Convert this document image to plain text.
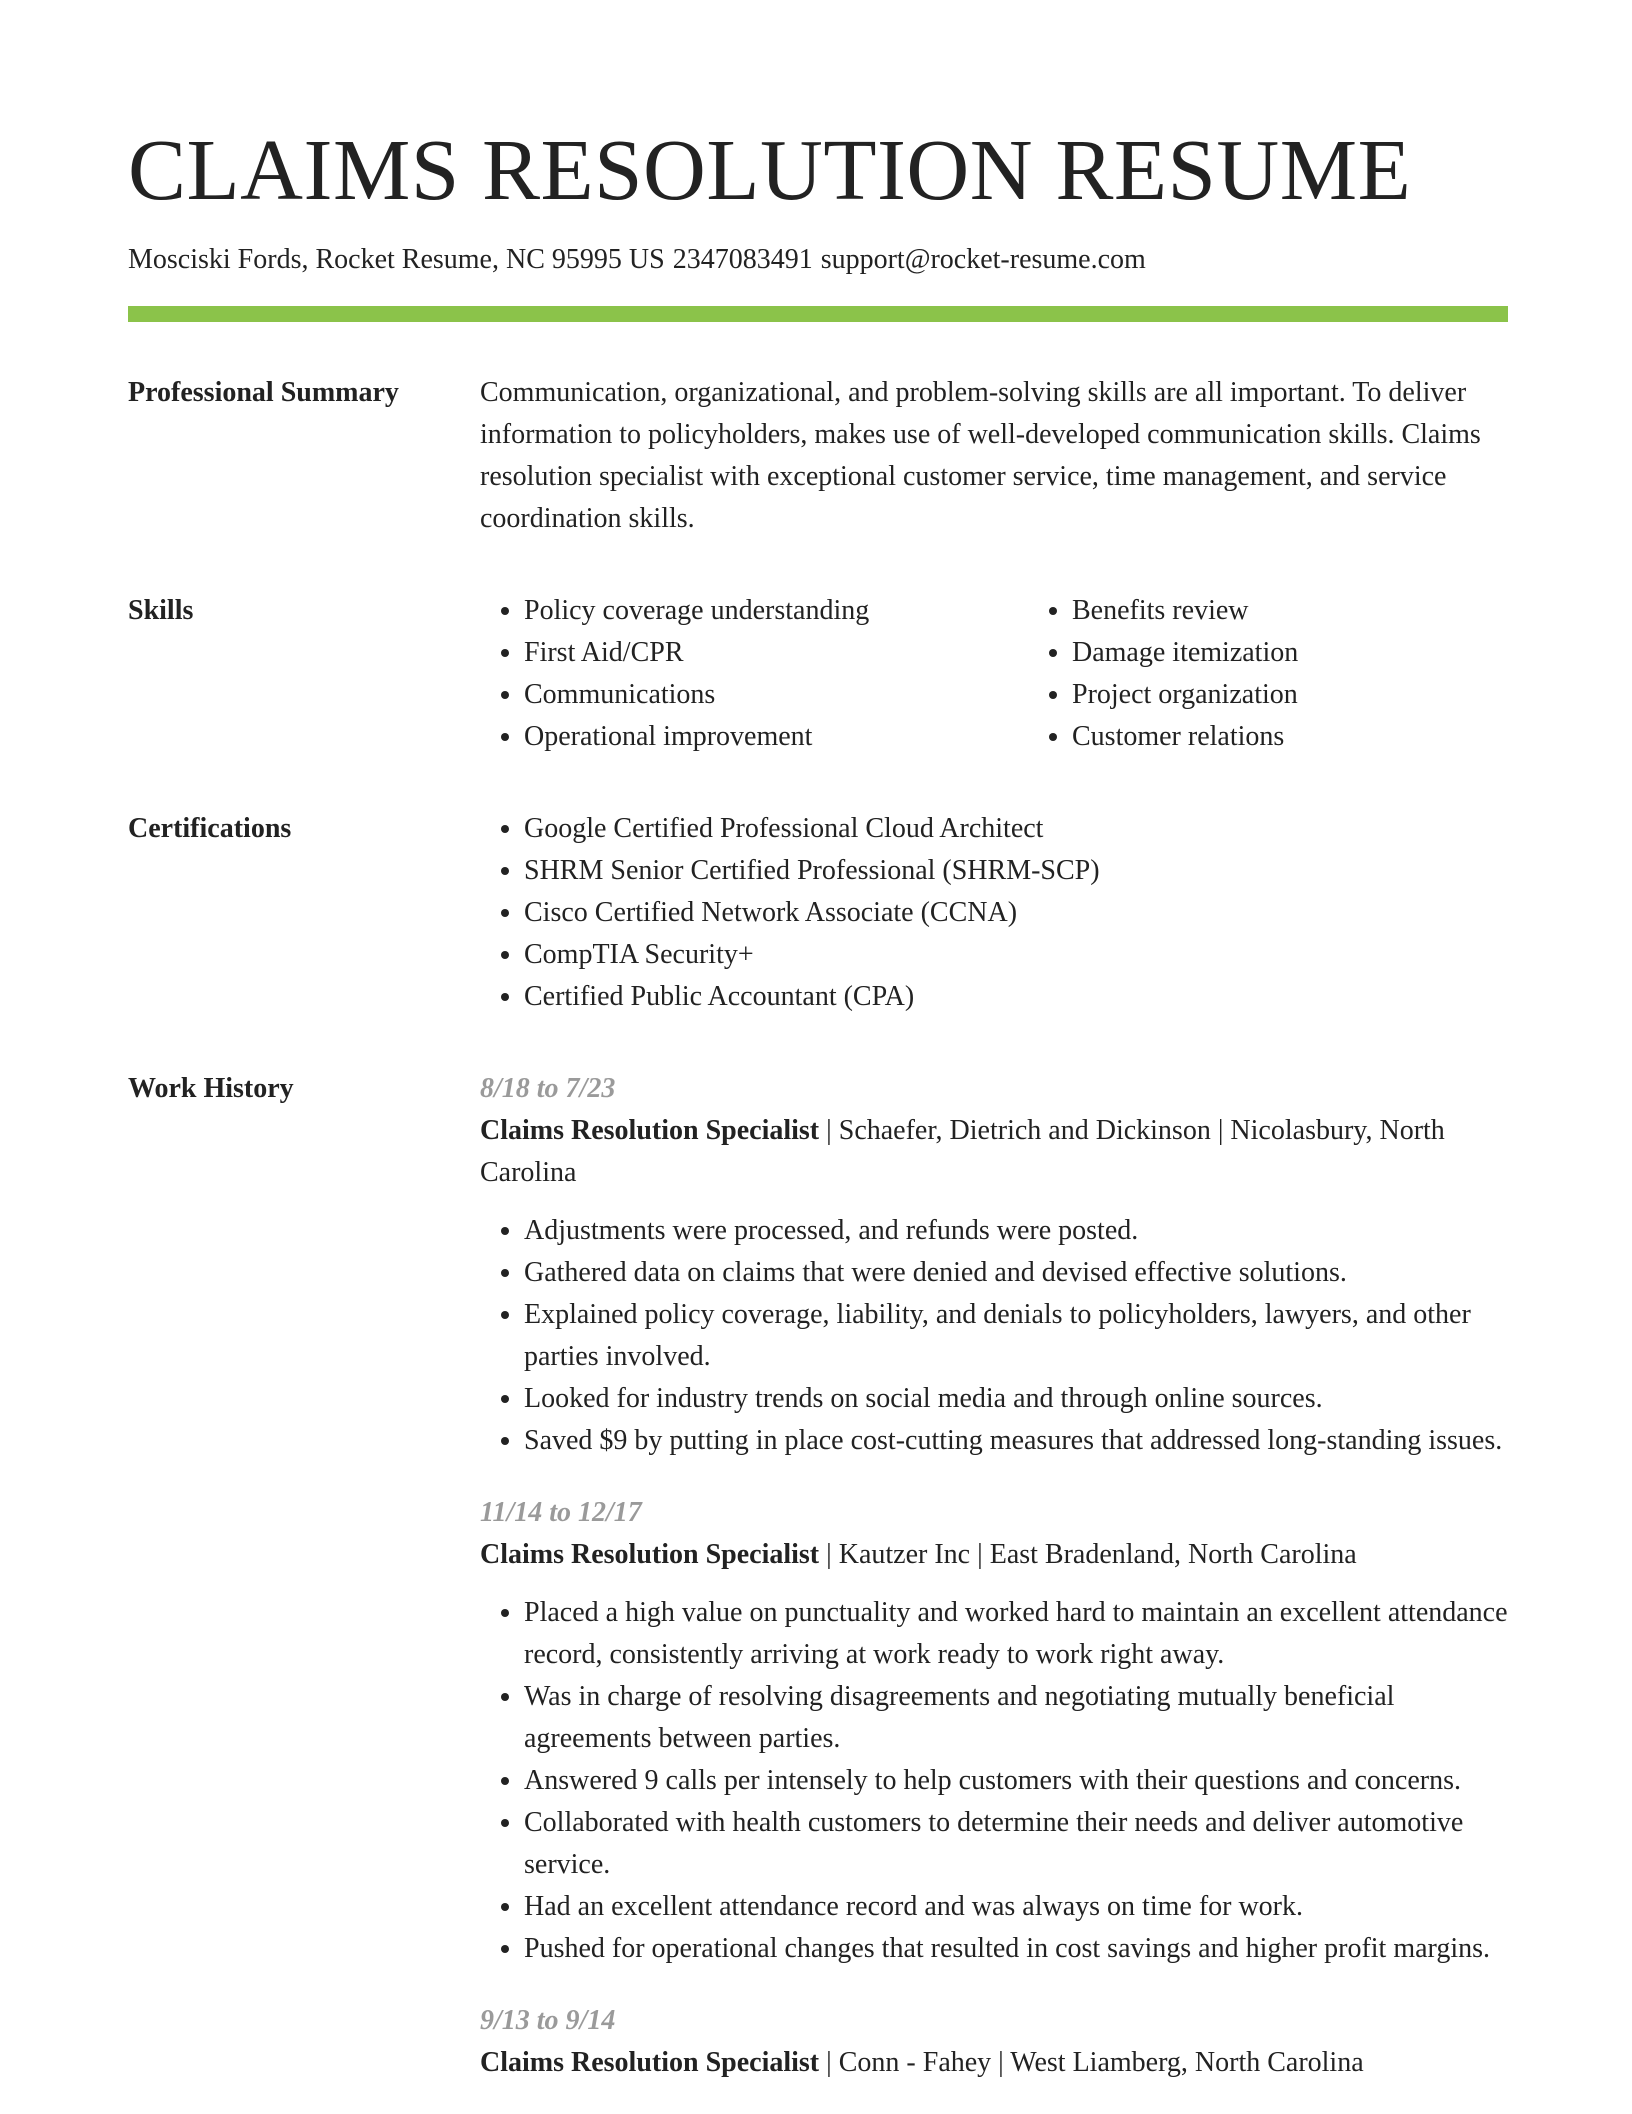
CLAIMS RESOLUTION RESUME
Mosciski Fords, Rocket Resume, NC 95995 US 2347083491 support@rocket-resume.com
Professional Summary	Communication, organizational, and problem-solving skills are all important. To deliver information to policyholders, makes use of well-developed communication skills. Claims resolution specialist with exceptional customer service, time management, and service coordination skills.

Skills	• Policy coverage understanding
• First Aid/CPR
• Communications
• Operational improvement
• Benefits review
• Damage itemization
• Project organization
• Customer relations
Certifications	• Google Certified Professional Cloud Architect
• SHRM Senior Certified Professional (SHRM-SCP)
• Cisco Certified Network Associate (CCNA)
• CompTIA Security+
• Certified Public Accountant (CPA)
Work History	8/18 to 7/23
Claims Resolution Specialist | Schaefer, Dietrich and Dickinson | Nicolasbury, North Carolina
• Adjustments were processed, and refunds were posted.
• Gathered data on claims that were denied and devised effective solutions.
• Explained policy coverage, liability, and denials to policyholders, lawyers, and other parties involved.
• Looked for industry trends on social media and through online sources.
• Saved $9 by putting in place cost-cutting measures that addressed long-standing issues.
11/14 to 12/17
Claims Resolution Specialist | Kautzer Inc | East Bradenland, North Carolina
• Placed a high value on punctuality and worked hard to maintain an excellent attendance record, consistently arriving at work ready to work right away.
• Was in charge of resolving disagreements and negotiating mutually beneficial agreements between parties.
• Answered 9 calls per intensely to help customers with their questions and concerns.
• Collaborated with health customers to determine their needs and deliver automotive service.
• Had an excellent attendance record and was always on time for work.
• Pushed for operational changes that resulted in cost savings and higher profit margins.
9/13 to 9/14
Claims Resolution Specialist | Conn - Fahey | West Liamberg, North Carolina
